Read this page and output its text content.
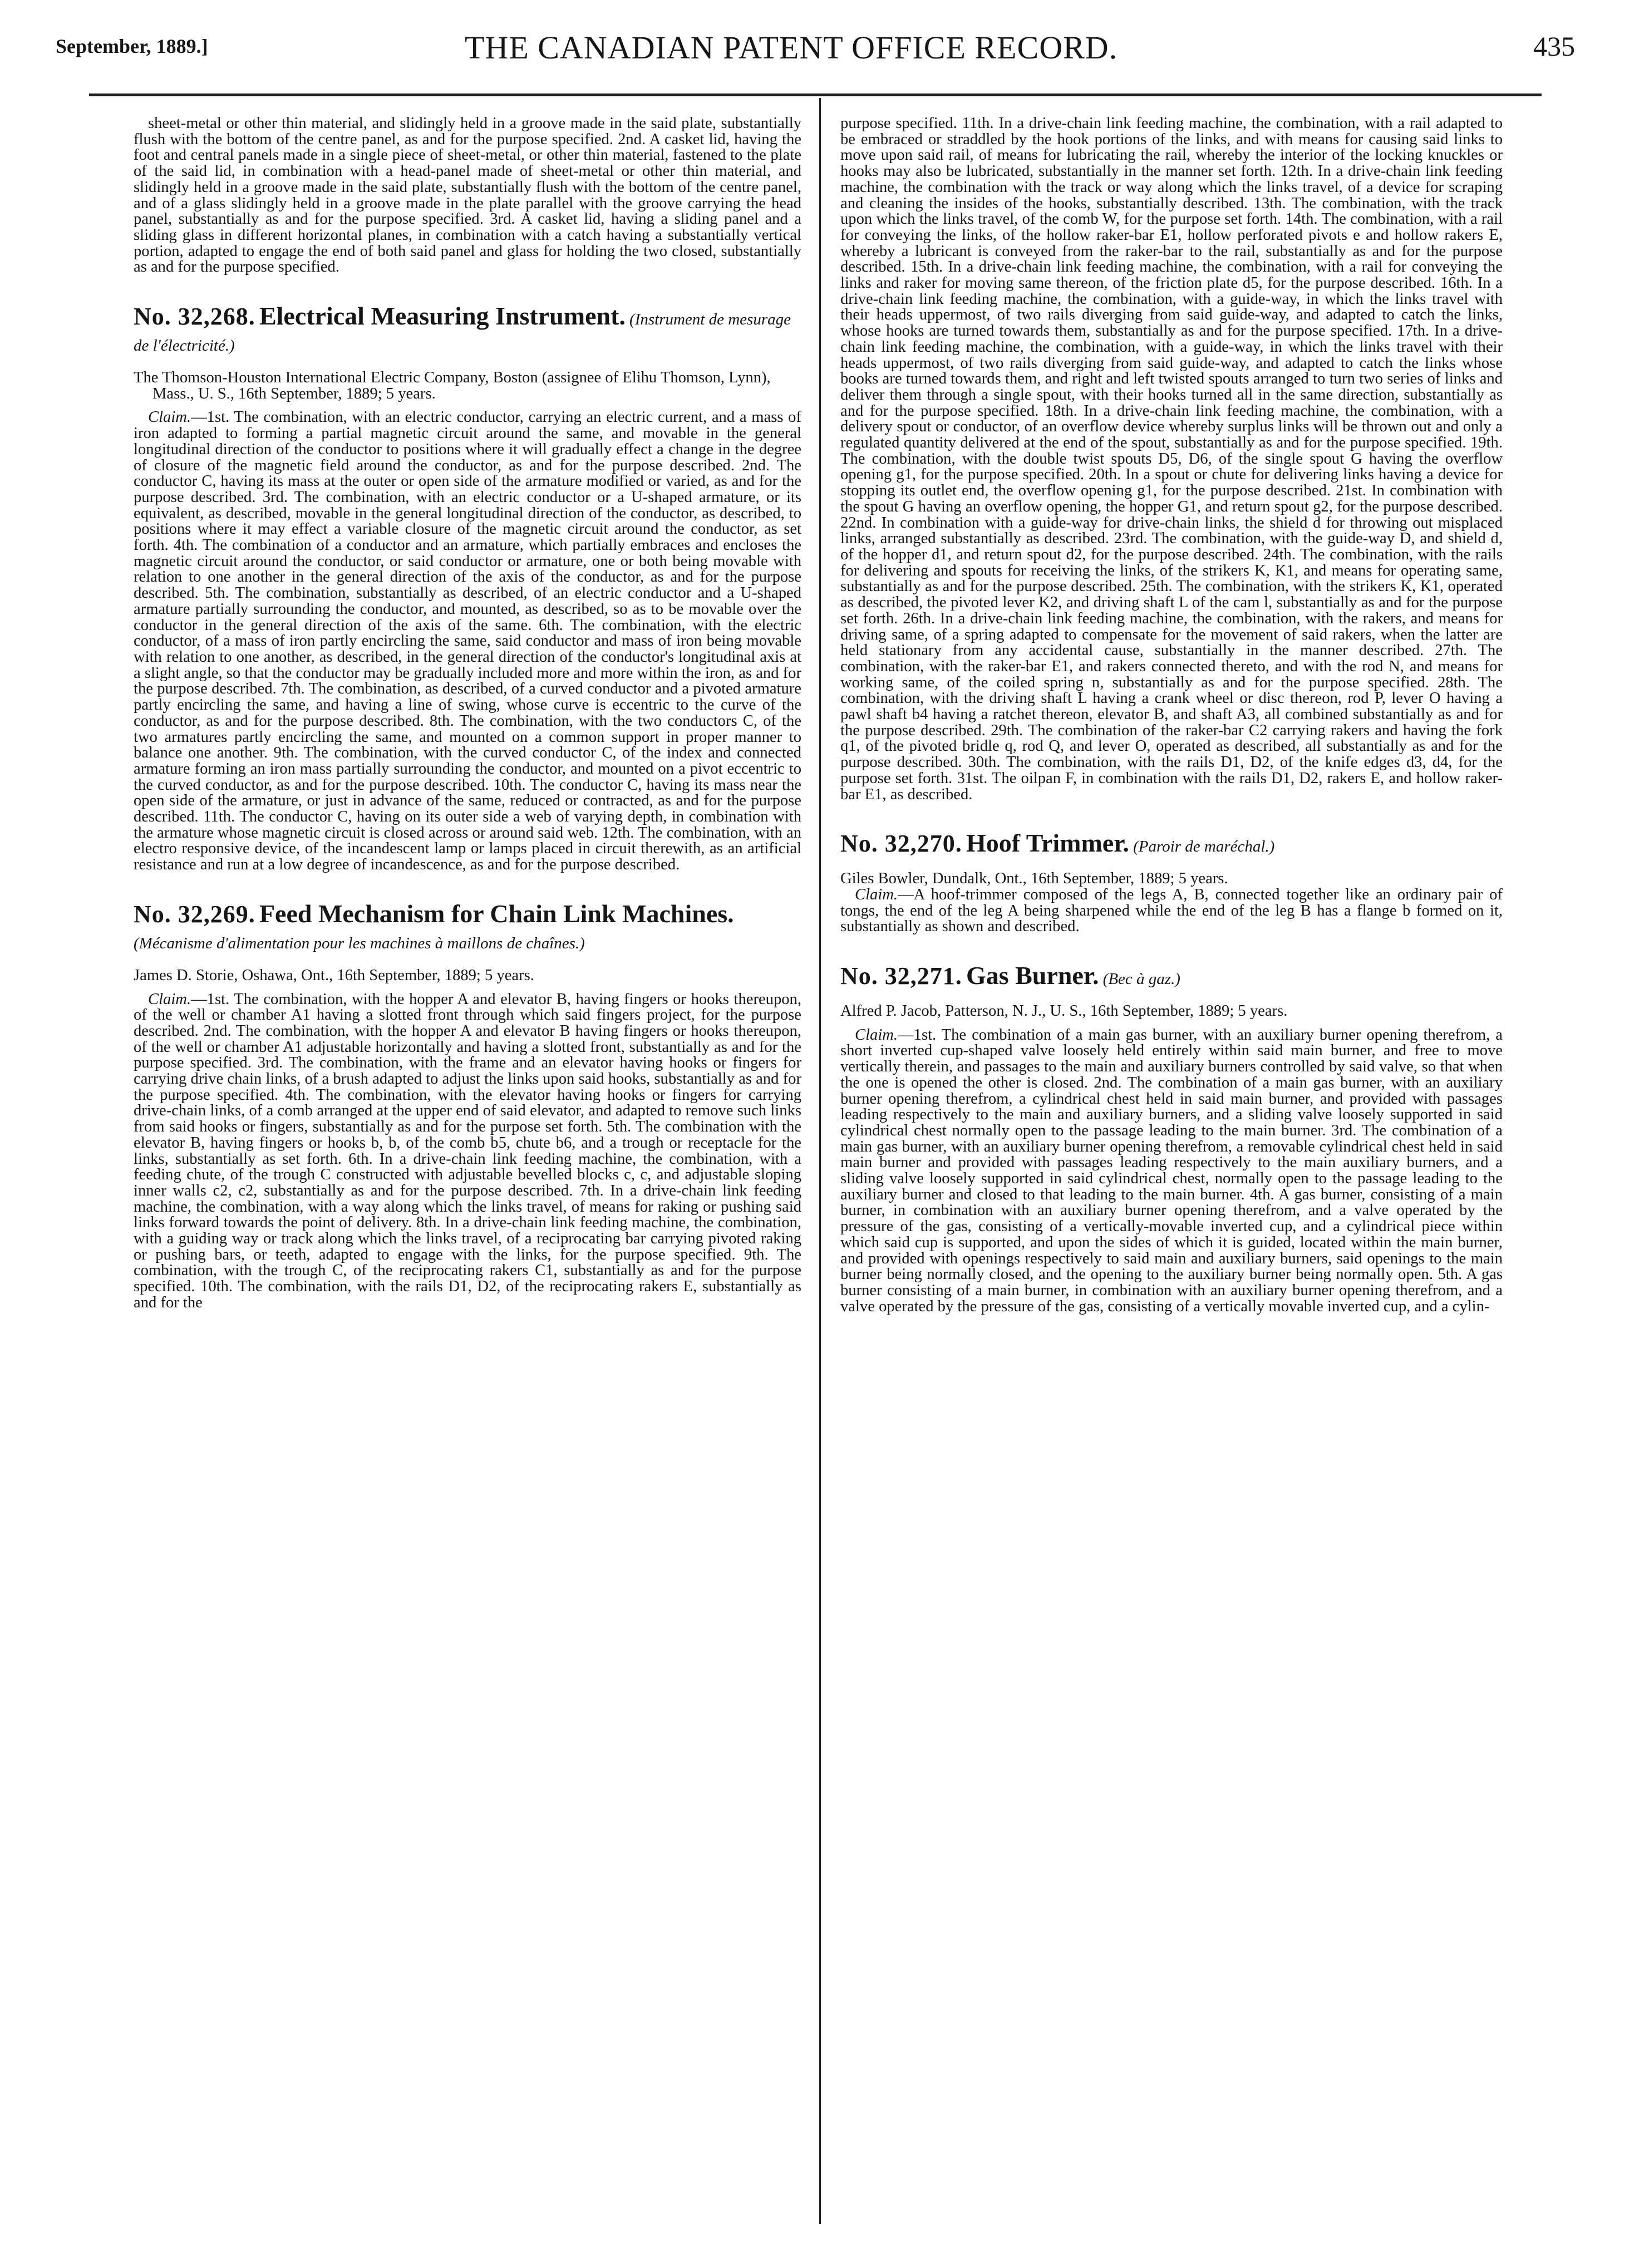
September, 1889.]	THE CANADIAN PATENT OFFICE RECORD.	435

sheet-metal or other thin material, and slidingly held in a groove made in the said plate, substantially flush with the bottom of the centre panel, as and for the purpose specified. 2nd. A casket lid, having the foot and central panels made in a single piece of sheet-metal, or other thin material, fastened to the plate of the said lid, in combination with a head-panel made of sheet-metal or other thin material, and slidingly held in a groove made in the said plate, substantially flush with the bottom of the centre panel, and of a glass slidingly held in a groove made in the plate parallel with the groove carrying the head panel, substantially as and for the purpose specified. 3rd. A casket lid, having a sliding panel and a sliding glass in different horizontal planes, in combination with a catch having a substantially vertical portion, adapted to engage the end of both said panel and glass for holding the two closed, substantially as and for the purpose specified.

No. 32,268. Electrical Measuring Instrument. (Instrument de mesurage de l'électricité.)

The Thomson-Houston International Electric Company, Boston (assignee of Elihu Thomson, Lynn), Mass., U. S., 16th September, 1889; 5 years.

Claim.—1st. The combination, with an electric conductor, carrying an electric current, and a mass of iron adapted to forming a partial magnetic circuit around the same, and movable in the general longitudinal direction of the conductor to positions where it will gradually effect a change in the degree of closure of the magnetic field around the conductor, as and for the purpose described. 2nd. The conductor C, having its mass at the outer or open side of the armature modified or varied, as and for the purpose described. 3rd. The combination, with an electric conductor or a U-shaped armature, or its equivalent, as described, movable in the general longitudinal direction of the conductor, as described, to positions where it may effect a variable closure of the magnetic circuit around the conductor, as set forth. 4th. The combination of a conductor and an armature, which partially embraces and encloses the magnetic circuit around the conductor, or said conductor or armature, one or both being movable with relation to one another in the general direction of the axis of the conductor, as and for the purpose described. 5th. The combination, substantially as described, of an electric conductor and a U-shaped armature partially surrounding the conductor, and mounted, as described, so as to be movable over the conductor in the general direction of the axis of the same. 6th. The combination, with the electric conductor, of a mass of iron partly encircling the same, said conductor and mass of iron being movable with relation to one another, as described, in the general direction of the conductor's longitudinal axis at a slight angle, so that the conductor may be gradually included more and more within the iron, as and for the purpose described. 7th. The combination, as described, of a curved conductor and a pivoted armature partly encircling the same, and having a line of swing, whose curve is eccentric to the curve of the conductor, as and for the purpose described. 8th. The combination, with the two conductors C, of the two armatures partly encircling the same, and mounted on a common support in proper manner to balance one another. 9th. The combination, with the curved conductor C, of the index and connected armature forming an iron mass partially surrounding the conductor, and mounted on a pivot eccentric to the curved conductor, as and for the purpose described. 10th. The conductor C, having its mass near the open side of the armature, or just in advance of the same, reduced or contracted, as and for the purpose described. 11th. The conductor C, having on its outer side a web of varying depth, in combination with the armature whose magnetic circuit is closed across or around said web. 12th. The combination, with an electro responsive device, of the incandescent lamp or lamps placed in circuit therewith, as an artificial resistance and run at a low degree of incandescence, as and for the purpose described.

No. 32,269. Feed Mechanism for Chain Link Machines. (Mécanisme d'alimentation pour les machines à maillons de chaînes.)

James D. Storie, Oshawa, Ont., 16th September, 1889; 5 years.

Claim.—1st. The combination, with the hopper A and elevator B, having fingers or hooks thereupon, of the well or chamber A1 having a slotted front through which said fingers project, for the purpose described. 2nd. The combination, with the hopper A and elevator B having fingers or hooks thereupon, of the well or chamber A1 adjustable horizontally and having a slotted front, substantially as and for the purpose specified. 3rd. The combination, with the frame and an elevator having hooks or fingers for carrying drive chain links, of a brush adapted to adjust the links upon said hooks, substantially as and for the purpose specified. 4th. The combination, with the elevator having hooks or fingers for carrying drive-chain links, of a comb arranged at the upper end of said elevator, and adapted to remove such links from said hooks or fingers, substantially as and for the purpose set forth. 5th. The combination with the elevator B, having fingers or hooks b, b, of the comb b5, chute b6, and a trough or receptacle for the links, substantially as set forth. 6th. In a drive-chain link feeding machine, the combination, with a feeding chute, of the trough C constructed with adjustable bevelled blocks c, c, and adjustable sloping inner walls c2, c2, substantially as and for the purpose described. 7th. In a drive-chain link feeding machine, the combination, with a way along which the links travel, of means for raking or pushing said links forward towards the point of delivery. 8th. In a drive-chain link feeding machine, the combination, with a guiding way or track along which the links travel, of a reciprocating bar carrying pivoted raking or pushing bars, or teeth, adapted to engage with the links, for the purpose specified. 9th. The combination, with the trough C, of the reciprocating rakers C1, substantially as and for the purpose specified. 10th. The combination, with the rails D1, D2, of the reciprocating rakers E, substantially as and for the

purpose specified. 11th. In a drive-chain link feeding machine, the combination, with a rail adapted to be embraced or straddled by the hook portions of the links, and with means for causing said links to move upon said rail, of means for lubricating the rail, whereby the interior of the locking knuckles or hooks may also be lubricated, substantially in the manner set forth. 12th. In a drive-chain link feeding machine, the combination with the track or way along which the links travel, of a device for scraping and cleaning the insides of the hooks, substantially described. 13th. The combination, with the track upon which the links travel, of the comb W, for the purpose set forth. 14th. The combination, with a rail for conveying the links, of the hollow raker-bar E1, hollow perforated pivots e and hollow rakers E, whereby a lubricant is conveyed from the raker-bar to the rail, substantially as and for the purpose described. 15th. In a drive-chain link feeding machine, the combination, with a rail for conveying the links and raker for moving same thereon, of the friction plate d5, for the purpose described. 16th. In a drive-chain link feeding machine, the combination, with a guide-way, in which the links travel with their heads uppermost, of two rails diverging from said guide-way, and adapted to catch the links, whose hooks are turned towards them, substantially as and for the purpose specified. 17th. In a drive-chain link feeding machine, the combination, with a guide-way, in which the links travel with their heads uppermost, of two rails diverging from said guide-way, and adapted to catch the links whose books are turned towards them, and right and left twisted spouts arranged to turn two series of links and deliver them through a single spout, with their hooks turned all in the same direction, substantially as and for the purpose specified. 18th. In a drive-chain link feeding machine, the combination, with a delivery spout or conductor, of an overflow device whereby surplus links will be thrown out and only a regulated quantity delivered at the end of the spout, substantially as and for the purpose specified. 19th. The combination, with the double twist spouts D5, D6, of the single spout G having the overflow opening g1, for the purpose specified. 20th. In a spout or chute for delivering links having a device for stopping its outlet end, the overflow opening g1, for the purpose described. 21st. In combination with the spout G having an overflow opening, the hopper G1, and return spout g2, for the purpose described. 22nd. In combination with a guide-way for drive-chain links, the shield d for throwing out misplaced links, arranged substantially as described. 23rd. The combination, with the guide-way D, and shield d, of the hopper d1, and return spout d2, for the purpose described. 24th. The combination, with the rails for delivering and spouts for receiving the links, of the strikers K, K1, and means for operating same, substantially as and for the purpose described. 25th. The combination, with the strikers K, K1, operated as described, the pivoted lever K2, and driving shaft L of the cam l, substantially as and for the purpose set forth. 26th. In a drive-chain link feeding machine, the combination, with the rakers, and means for driving same, of a spring adapted to compensate for the movement of said rakers, when the latter are held stationary from any accidental cause, substantially in the manner described. 27th. The combination, with the raker-bar E1, and rakers connected thereto, and with the rod N, and means for working same, of the coiled spring n, substantially as and for the purpose specified. 28th. The combination, with the driving shaft L having a crank wheel or disc thereon, rod P, lever O having a pawl shaft b4 having a ratchet thereon, elevator B, and shaft A3, all combined substantially as and for the purpose described. 29th. The combination of the raker-bar C2 carrying rakers and having the fork q1, of the pivoted bridle q, rod Q, and lever O, operated as described, all substantially as and for the purpose described. 30th. The combination, with the rails D1, D2, of the knife edges d3, d4, for the purpose set forth. 31st. The oilpan F, in combination with the rails D1, D2, rakers E, and hollow raker-bar E1, as described.

No. 32,270. Hoof Trimmer. (Paroir de maréchal.)

Giles Bowler, Dundalk, Ont., 16th September, 1889; 5 years.

Claim.—A hoof-trimmer composed of the legs A, B, connected together like an ordinary pair of tongs, the end of the leg A being sharpened while the end of the leg B has a flange b formed on it, substantially as shown and described.

No. 32,271. Gas Burner. (Bec à gaz.)

Alfred P. Jacob, Patterson, N. J., U. S., 16th September, 1889; 5 years.

Claim.—1st. The combination of a main gas burner, with an auxiliary burner opening therefrom, a short inverted cup-shaped valve loosely held entirely within said main burner, and free to move vertically therein, and passages to the main and auxiliary burners controlled by said valve, so that when the one is opened the other is closed. 2nd. The combination of a main gas burner, with an auxiliary burner opening therefrom, a cylindrical chest held in said main burner, and provided with passages leading respectively to the main and auxiliary burners, and a sliding valve loosely supported in said cylindrical chest normally open to the passage leading to the main burner. 3rd. The combination of a main gas burner, with an auxiliary burner opening therefrom, a removable cylindrical chest held in said main burner and provided with passages leading respectively to the main auxiliary burners, and a sliding valve loosely supported in said cylindrical chest, normally open to the passage leading to the auxiliary burner and closed to that leading to the main burner. 4th. A gas burner, consisting of a main burner, in combination with an auxiliary burner opening therefrom, and a valve operated by the pressure of the gas, consisting of a vertically-movable inverted cup, and a cylindrical piece within which said cup is supported, and upon the sides of which it is guided, located within the main burner, and provided with openings respectively to said main and auxiliary burners, said openings to the main burner being normally closed, and the opening to the auxiliary burner being normally open. 5th. A gas burner consisting of a main burner, in combination with an auxiliary burner opening therefrom, and a valve operated by the pressure of the gas, consisting of a vertically movable inverted cup, and a cylin-
